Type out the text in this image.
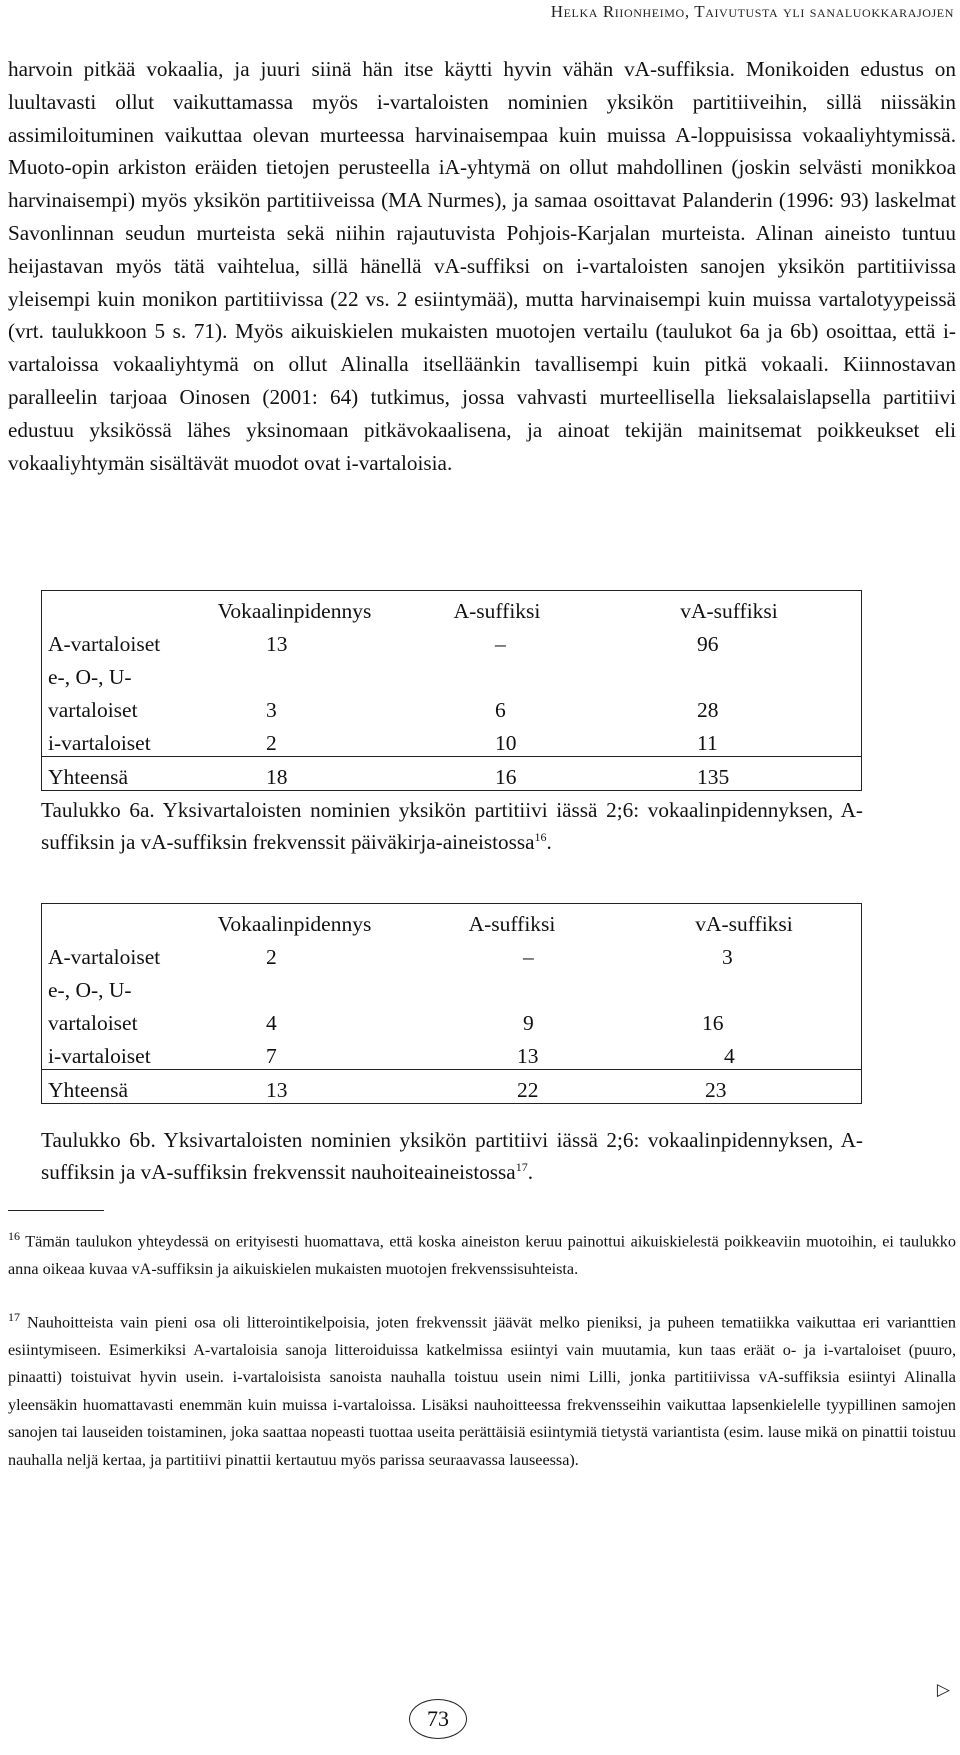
Helka Riionheimo, Taivutusta yli sanaluokkarajojen

harvoin pitkää vokaalia, ja juuri siinä hän itse käytti hyvin vähän vA-suffiksia. Monikoiden edustus on luultavasti ollut vaikuttamassa myös i-vartaloisten nominien yksikön partitiiveihin, sillä niissäkin assimiloituminen vaikuttaa olevan murteessa harvinaisempaa kuin muissa A-loppuisissa vokaaliyhtymissä. Muoto-opin arkiston eräiden tietojen perusteella iA-yhtymä on ollut mahdollinen (joskin selvästi monikkoa harvinaisempi) myös yksikön partitiiveissa (MA Nurmes), ja samaa osoittavat Palanderin (1996: 93) laskelmat Savonlinnan seudun murteista sekä niihin rajautuvista Pohjois-Karjalan murteista. Alinan aineisto tuntuu heijastavan myös tätä vaihtelua, sillä hänellä vA-suffiksi on i-vartaloisten sanojen yksikön partitiivissa yleisempi kuin monikon partitiivissa (22 vs. 2 esiintymää), mutta harvinaisempi kuin muissa vartalotyypeissä (vrt. taulukkoon 5 s. 71). Myös aikuiskielen mukaisten muotojen vertailu (taulukot 6a ja 6b) osoittaa, että i-vartaloissa vokaaliyhtymä on ollut Alinalla itselläänkin tavallisempi kuin pitkä vokaali. Kiinnostavan paralleelin tarjoaa Oinosen (2001: 64) tutkimus, jossa vahvasti murteellisella lieksalaislapsella partitiivi edustuu yksikössä lähes yksinomaan pitkävokaalisena, ja ainoat tekijän mainitsemat poikkeukset eli vokaaliyhtymän sisältävät muodot ovat i-vartaloisia.

	Vokaalinpidennys	A-suffiksi	vA-suffiksi
A-vartaloiset	13	–	96
e-, O-, U-			
vartaloiset	3	6	28
i-vartaloiset	2	10	11
Yhteensä	18	16	135
Taulukko 6a. Yksivartaloisten nominien yksikön partitiivi iässä 2;6: vokaalinpidennyksen, A-suffiksin ja vA-suffiksin frekvenssit päiväkirja-aineistossa$^{16}$.
	Vokaalinpidennys	A-suffiksi	vA-suffiksi
A-vartaloiset	2	–	3
e-, O-, U-			
vartaloiset	4	9	16
i-vartaloiset	7	13	4
Yhteensä	13	22	23
Taulukko 6b. Yksivartaloisten nominien yksikön partitiivi iässä 2;6: vokaalinpidennyksen, A-suffiksin ja vA-suffiksin frekvenssit nauhoiteaineistossa$^{17}$.
$^{16}$ Tämän taulukon yhteydessä on erityisesti huomattava, että koska aineiston keruu painottui aikuiskielestä poikkeaviin muotoihin, ei taulukko anna oikeaa kuvaa vA-suffiksin ja aikuiskielen mukaisten muotojen frekvenssisuhteista.
$^{17}$ Nauhoitteista vain pieni osa oli litterointikelpoisia, joten frekvenssit jäävät melko pieniksi, ja puheen tematiikka vaikuttaa eri varianttien esiintymiseen. Esimerkiksi A-vartaloisia sanoja litteroiduissa katkelmissa esiintyi vain muutamia, kun taas eräät o- ja i-vartaloiset (puuro, pinaatti) toistuivat hyvin usein. i-vartaloisista sanoista nauhalla toistuu usein nimi Lilli, jonka partitiivissa vA-suffiksia esiintyi Alinalla yleensäkin huomattavasti enemmän kuin muissa i-vartaloissa. Lisäksi nauhoitteessa frekvensseihin vaikuttaa lapsenkielelle tyypillinen samojen sanojen tai lauseiden toistaminen, joka saattaa nopeasti tuottaa useita perättäisiä esiintymiä tietystä variantista (esim. lause mikä on pinattii toistuu nauhalla neljä kertaa, ja partitiivi pinattii kertautuu myös parissa seuraavassa lauseessa).
▷
73
